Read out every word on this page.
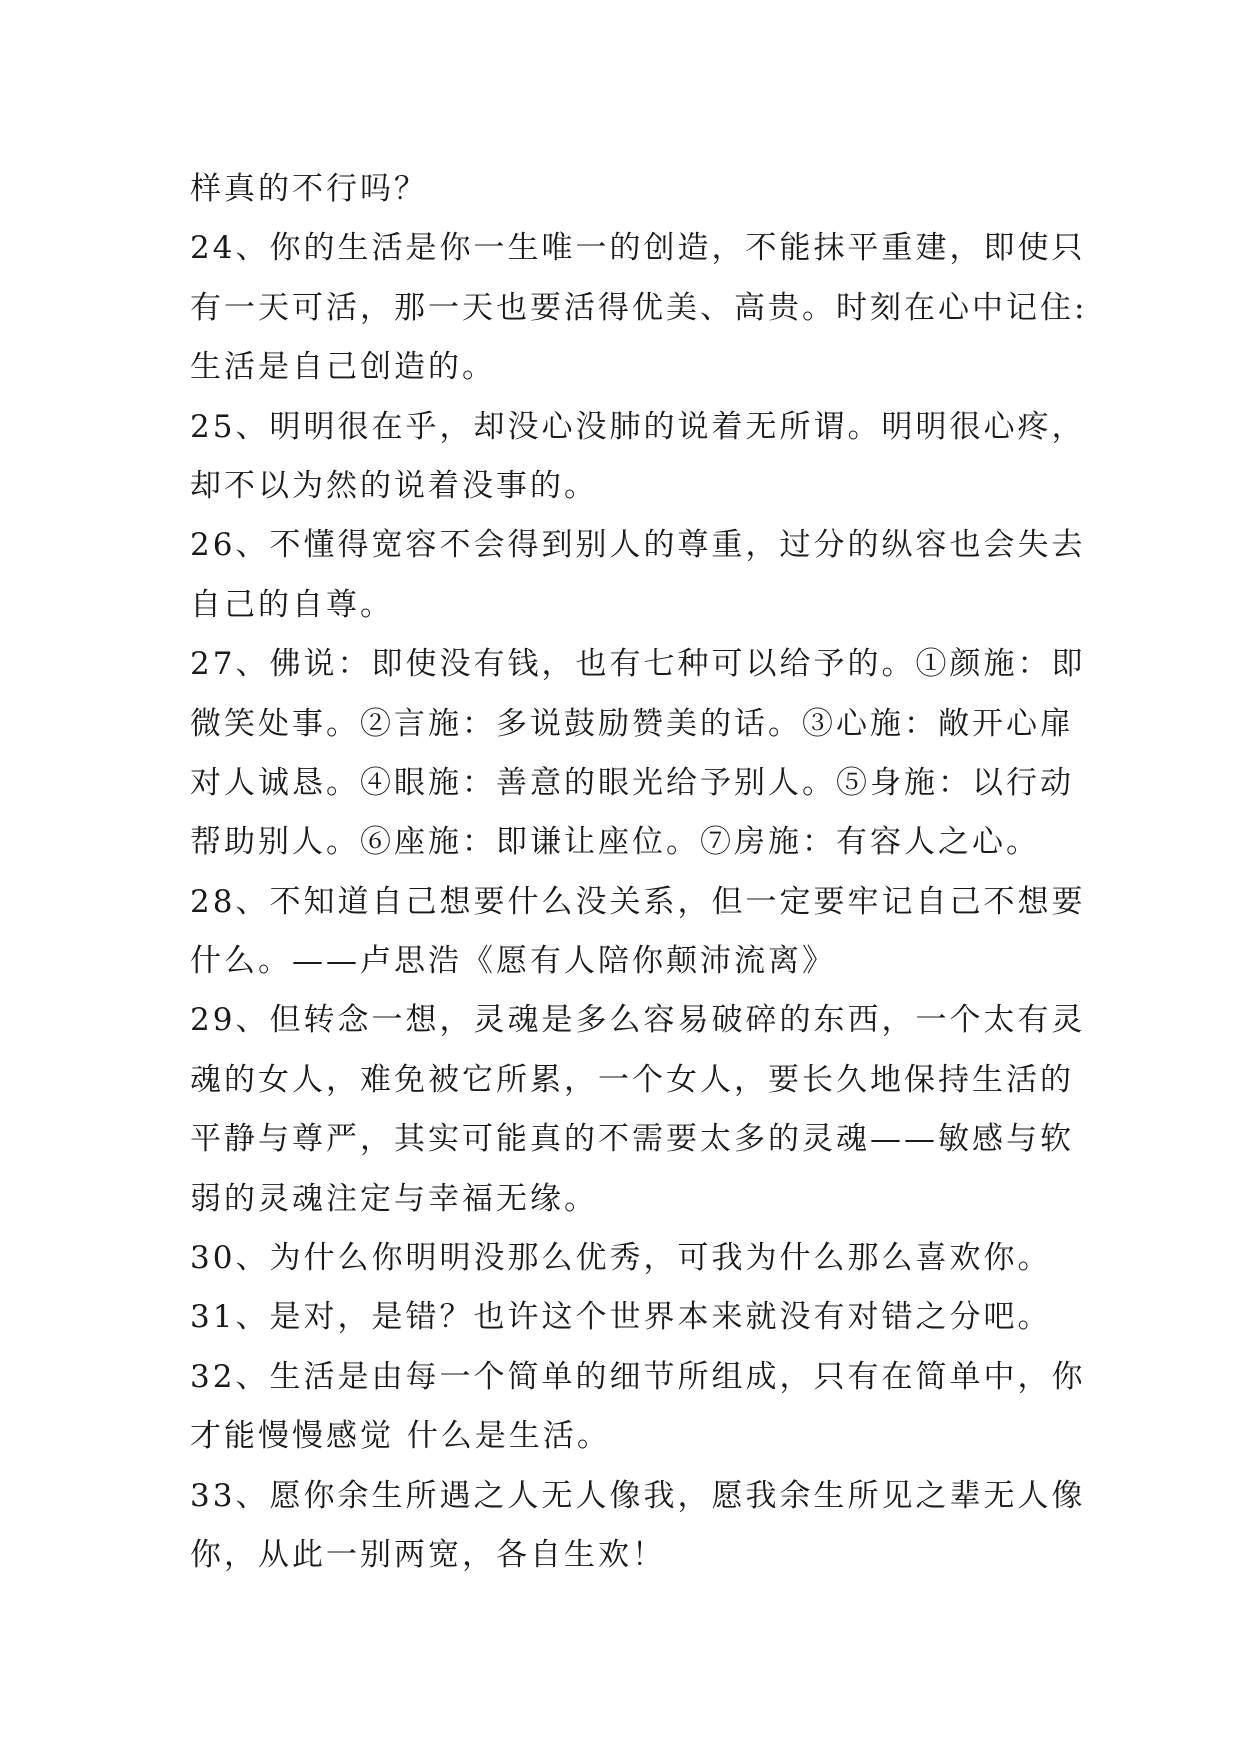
样真的不行吗？
24、你的生活是你一生唯一的创造，不能抹平重建，即使只
有一天可活，那一天也要活得优美、高贵。时刻在心中记住:
生活是自己创造的。
25、明明很在乎，却没心没肺的说着无所谓。明明很心疼，
却不以为然的说着没事的。
26、不懂得宽容不会得到别人的尊重，过分的纵容也会失去
自己的自尊。
27、佛说：即使没有钱，也有七种可以给予的。①颜施：即
微笑处事。②言施：多说鼓励赞美的话。③心施：敞开心扉
对人诚恳。④眼施：善意的眼光给予别人。⑤身施：以行动
帮助别人。⑥座施：即谦让座位。⑦房施：有容人之心。
28、不知道自己想要什么没关系，但一定要牢记自己不想要
什么。——卢思浩《愿有人陪你颠沛流离》
29、但转念一想，灵魂是多么容易破碎的东西，一个太有灵
魂的女人，难免被它所累，一个女人，要长久地保持生活的
平静与尊严，其实可能真的不需要太多的灵魂——敏感与软
弱的灵魂注定与幸福无缘。
30、为什么你明明没那么优秀，可我为什么那么喜欢你。
31、是对，是错？也许这个世界本来就没有对错之分吧。
32、生活是由每一个简单的细节所组成，只有在简单中，你
才能慢慢感觉 什么是生活。
33、愿你余生所遇之人无人像我，愿我余生所见之辈无人像
你，从此一别两宽，各自生欢！
